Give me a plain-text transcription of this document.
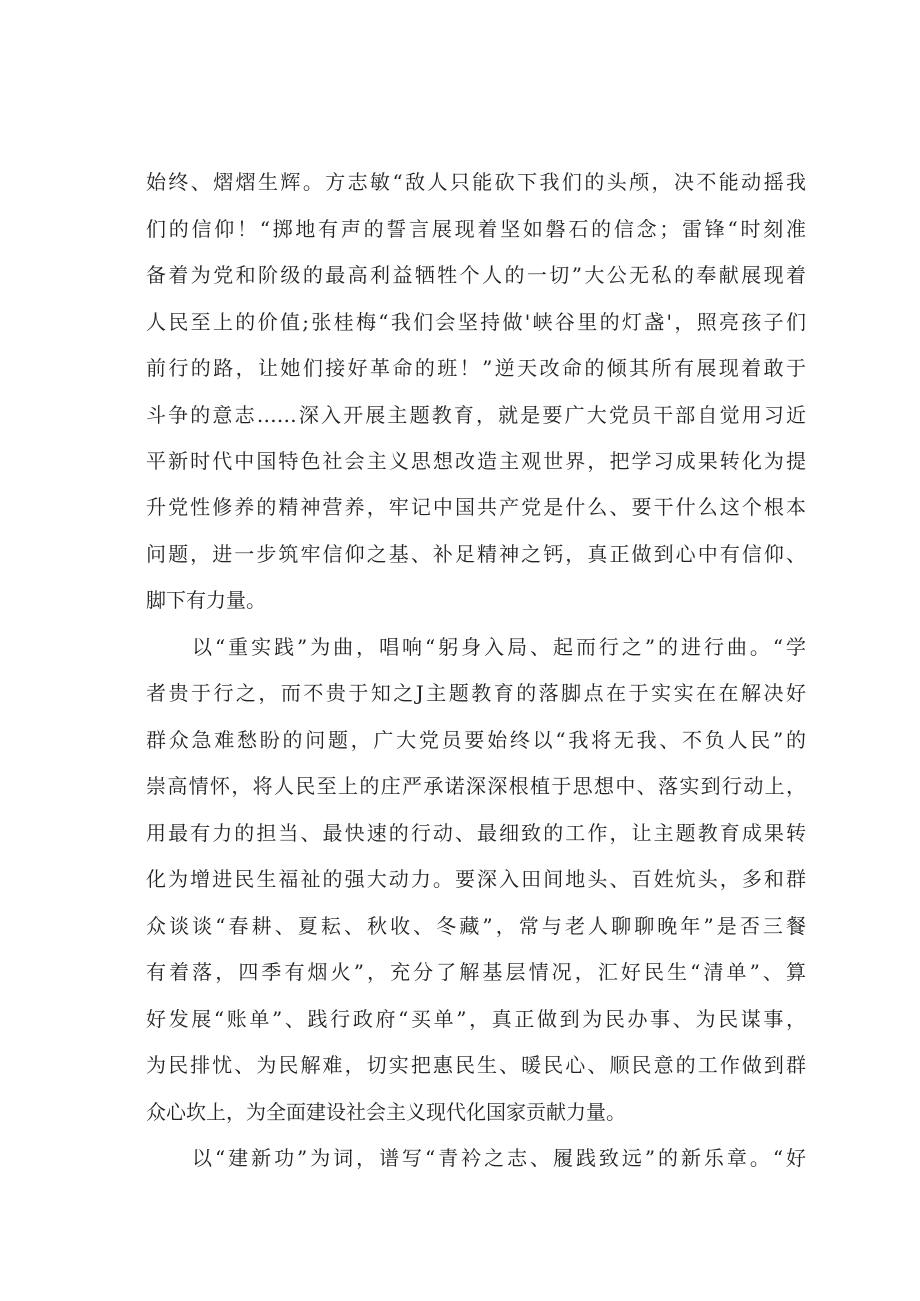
始终、熠熠生辉。方志敏“敌人只能砍下我们的头颅，决不能动摇我
们的信仰！“掷地有声的誓言展现着坚如磐石的信念；雷锋“时刻准
备着为党和阶级的最高利益牺牲个人的一切”大公无私的奉献展现着
人民至上的价值;张桂梅“我们会坚持做'峡谷里的灯盏'，照亮孩子们
前行的路，让她们接好革命的班！”逆天改命的倾其所有展现着敢于
斗争的意志……深入开展主题教育，就是要广大党员干部自觉用习近
平新时代中国特色社会主义思想改造主观世界，把学习成果转化为提
升党性修养的精神营养，牢记中国共产党是什么、要干什么这个根本
问题，进一步筑牢信仰之基、补足精神之钙，真正做到心中有信仰、
脚下有力量。
以“重实践”为曲，唱响“躬身入局、起而行之”的进行曲。“学
者贵于行之，而不贵于知之J主题教育的落脚点在于实实在在解决好
群众急难愁盼的问题，广大党员要始终以“我将无我、不负人民”的
崇高情怀，将人民至上的庄严承诺深深根植于思想中、落实到行动上，
用最有力的担当、最快速的行动、最细致的工作，让主题教育成果转
化为增进民生福祉的强大动力。要深入田间地头、百姓炕头，多和群
众谈谈“春耕、夏耘、秋收、冬藏”，常与老人聊聊晚年”是否三餐
有着落，四季有烟火”，充分了解基层情况，汇好民生“清单”、算
好发展“账单”、践行政府“买单”，真正做到为民办事、为民谋事，
为民排忧、为民解难，切实把惠民生、暖民心、顺民意的工作做到群
众心坎上，为全面建设社会主义现代化国家贡献力量。
以“建新功”为词，谱写“青衿之志、履践致远”的新乐章。“好
